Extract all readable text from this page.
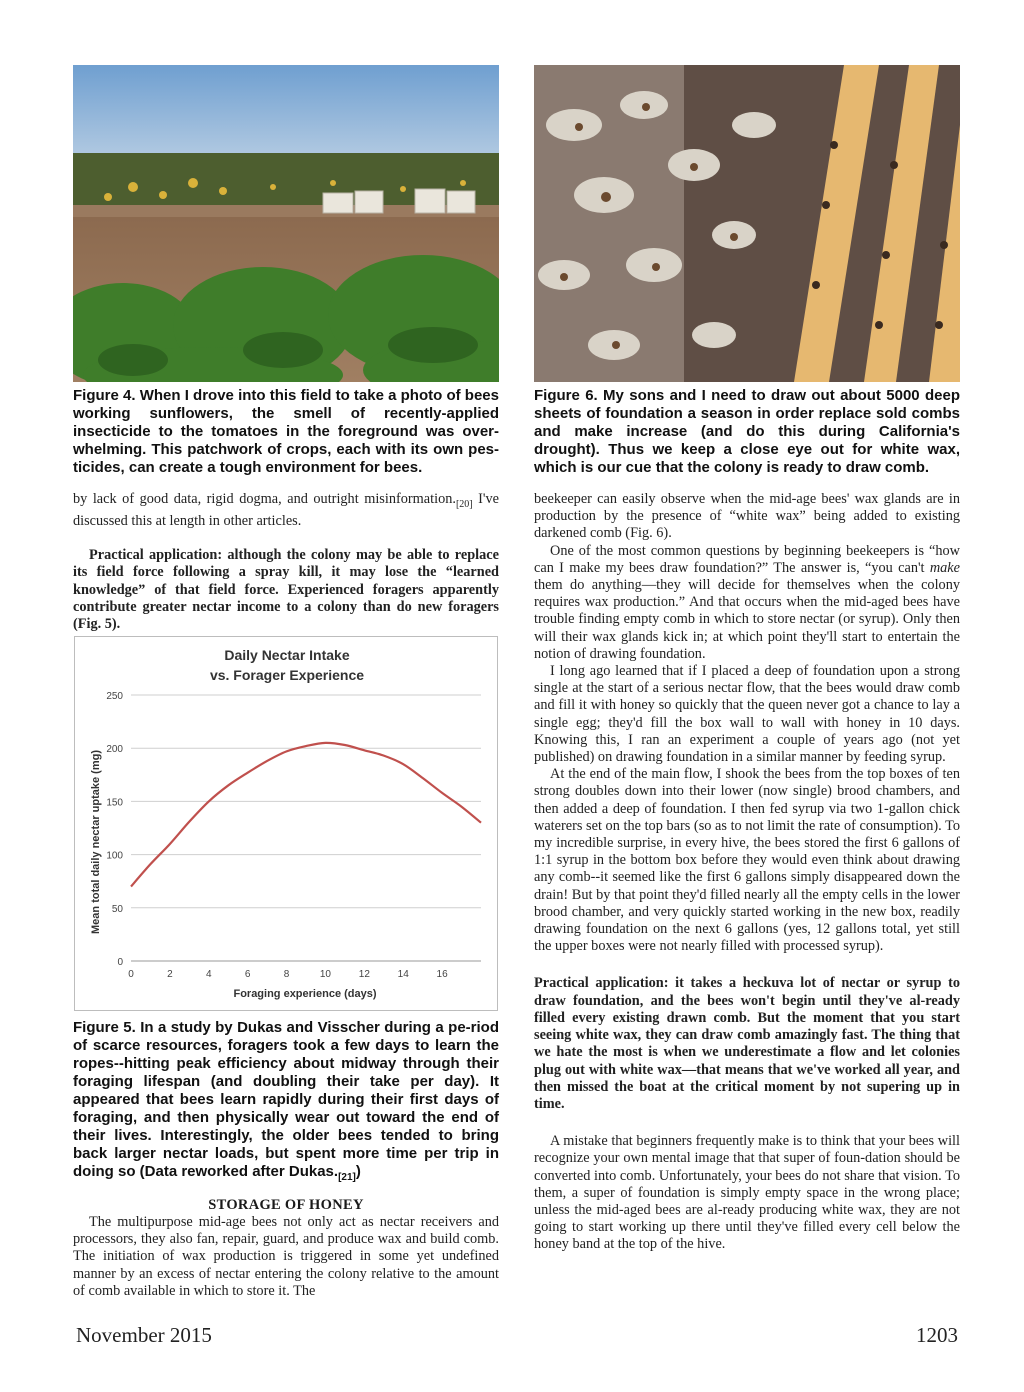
Figure 4. When I drove into this field to take a photo of bees working sunflowers, the smell of recently-applied insecticide to the tomatoes in the foreground was over-whelming. This patchwork of crops, each with its own pes-ticides, can create a tough environment for bees.
Figure 6. My sons and I need to draw out about 5000 deep sheets of foundation a season in order replace sold combs and make increase (and do this during California's drought). Thus we keep a close eye out for white wax, which is our cue that the colony is ready to draw comb.

by lack of good data, rigid dogma, and outright $misinformation._{[20]}$ I've discussed this at length in other articles.

Practical application: although the colony may be able to replace its field force following a spray kill, it may lose the “learned knowledge” of that field force. Experienced foragers apparently contribute greater nectar income to a colony than do new foragers (Fig. 5).

Daily Nectar Intake
vs. Forager Experience
0
50
100
150
200
250
0	2	4	6	8	10	12	14	16
Foraging experience (days)
Mean total daily nectar uptake (mg)
Figure 5. In a study by Dukas and Visscher during a pe-riod of scarce resources, foragers took a few days to learn the ropes--hitting peak efficiency about midway through their foraging lifespan (and doubling their take per day). It appeared that bees learn rapidly during their first days of foraging, and then physically wear out toward the end of their lives. Interestingly, the older bees tended to bring back larger nectar loads, but spent more time per trip in doing so (Data reworked after $Dukas._{[21]}$)
STORAGE OF HONEY

The multipurpose mid-age bees not only act as nectar receivers and processors, they also fan, repair, guard, and produce wax and build comb. The initiation of wax production is triggered in some yet undefined manner by an excess of nectar entering the colony relative to the amount of comb available in which to store it. The

beekeeper can easily observe when the mid-age bees' wax glands are in production by the presence of “white wax” being added to existing darkened comb (Fig. 6).

One of the most common questions by beginning beekeepers is “how can I make my bees draw foundation?” The answer is, “you can't make them do anything—they will decide for themselves when the colony requires wax production.” And that occurs when the mid-aged bees have trouble finding empty comb in which to store nectar (or syrup). Only then will their wax glands kick in; at which point they'll start to entertain the notion of drawing foundation.

I long ago learned that if I placed a deep of foundation upon a strong single at the start of a serious nectar flow, that the bees would draw comb and fill it with honey so quickly that the queen never got a chance to lay a single egg; they'd fill the box wall to wall with honey in 10 days. Knowing this, I ran an experiment a couple of years ago (not yet published) on drawing foundation in a similar manner by feeding syrup.

At the end of the main flow, I shook the bees from the top boxes of ten strong doubles down into their lower (now single) brood chambers, and then added a deep of foundation. I then fed syrup via two 1-gallon chick waterers set on the top bars (so as to not limit the rate of consumption). To my incredible surprise, in every hive, the bees stored the first 6 gallons of 1:1 syrup in the bottom box before they would even think about drawing any comb--it seemed like the first 6 gallons simply disappeared down the drain! But by that point they'd filled nearly all the empty cells in the lower brood chamber, and very quickly started working in the new box, readily drawing foundation on the next 6 gallons (yes, 12 gallons total, yet still the upper boxes were not nearly filled with processed syrup).

Practical application: it takes a heckuva lot of nectar or syrup to draw foundation, and the bees won't begin until they've al-ready filled every existing drawn comb. But the moment that you start seeing white wax, they can draw comb amazingly fast. The thing that we hate the most is when we underestimate a flow and let colonies plug out with white wax—that means that we've worked all year, and then missed the boat at the critical moment by not supering up in time.

A mistake that beginners frequently make is to think that your bees will recognize your own mental image that that super of foun-dation should be converted into comb. Unfortunately, your bees do not share that vision. To them, a super of foundation is simply empty space in the wrong place; unless the mid-aged bees are al-ready producing white wax, they are not going to start working up there until they've filled every cell below the honey band at the top of the hive.

November 2015	1203
